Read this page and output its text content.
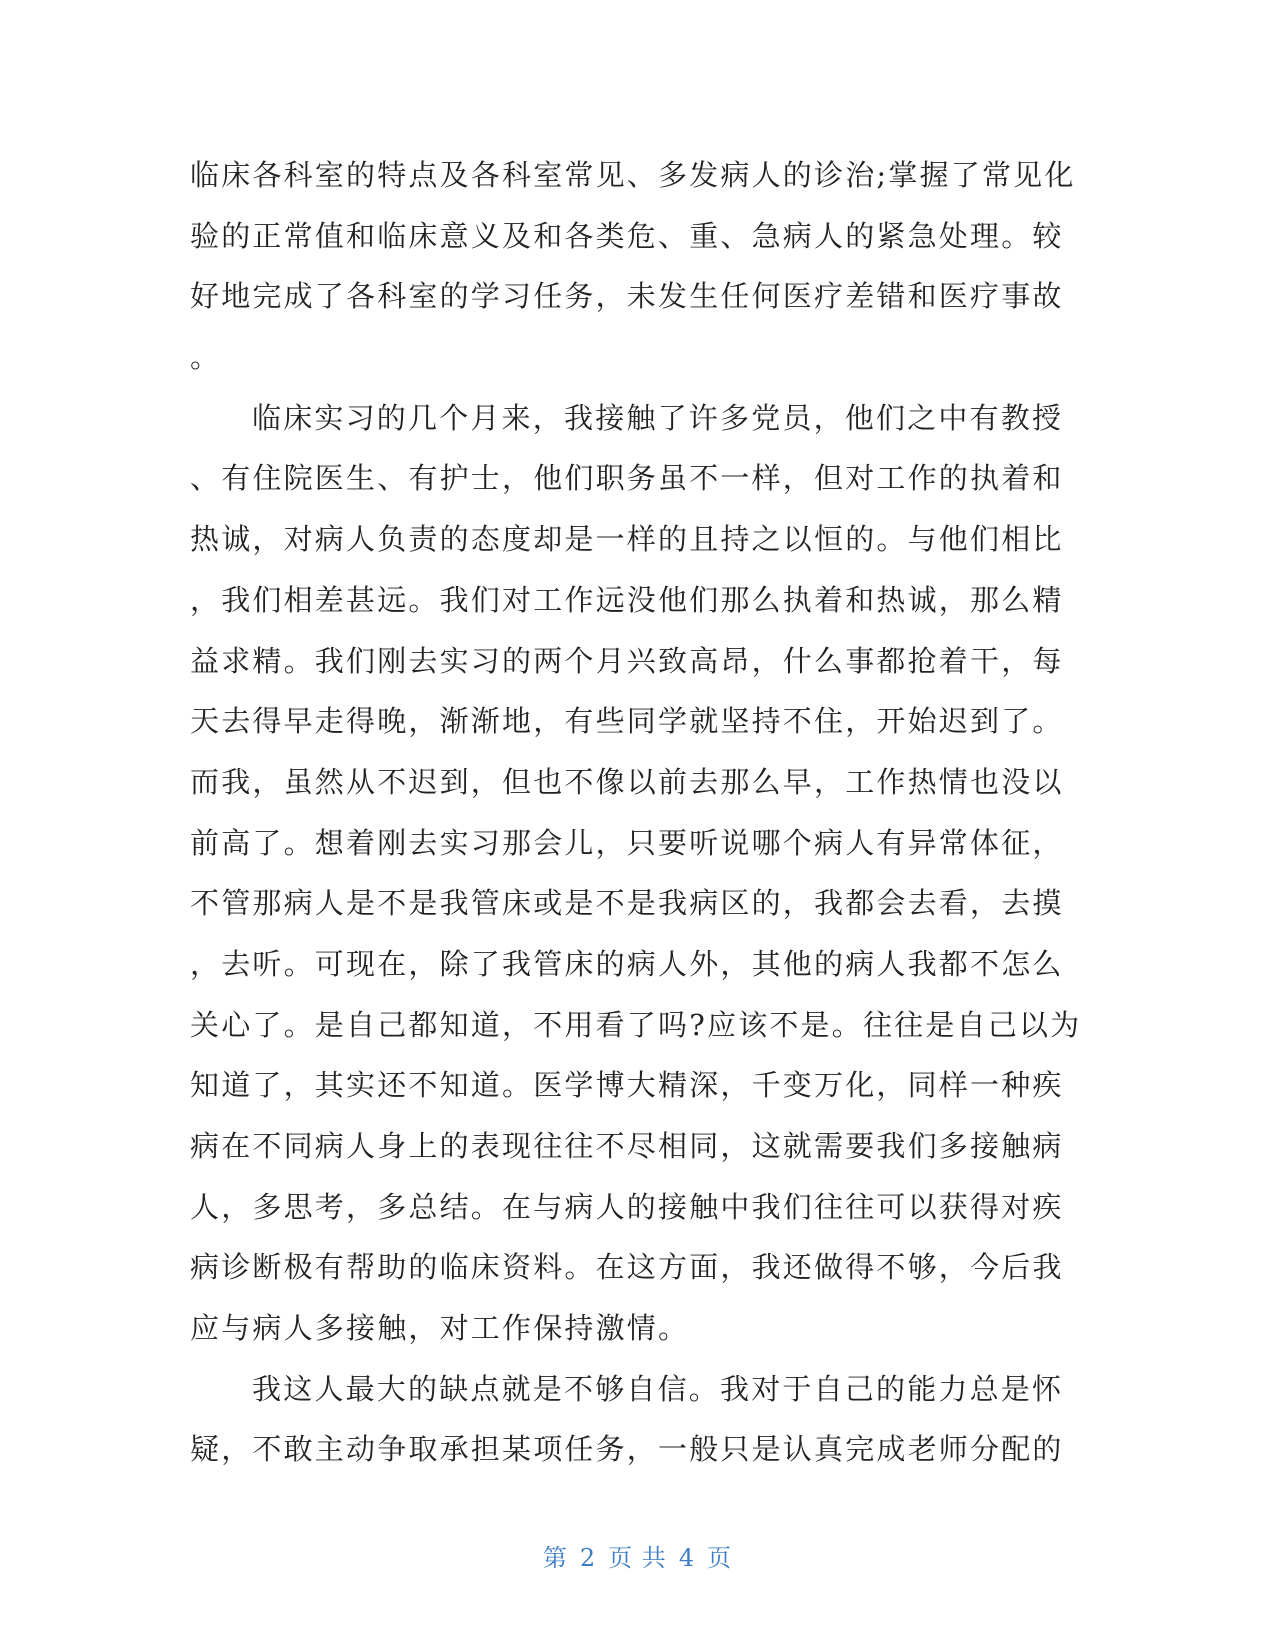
临床各科室的特点及各科室常见、多发病人的诊治;掌握了常见化
验的正常值和临床意义及和各类危、重、急病人的紧急处理。较
好地完成了各科室的学习任务，未发生任何医疗差错和医疗事故
。
临床实习的几个月来，我接触了许多党员，他们之中有教授
、有住院医生、有护士，他们职务虽不一样，但对工作的执着和
热诚，对病人负责的态度却是一样的且持之以恒的。与他们相比
，我们相差甚远。我们对工作远没他们那么执着和热诚，那么精
益求精。我们刚去实习的两个月兴致高昂，什么事都抢着干，每
天去得早走得晚，渐渐地，有些同学就坚持不住，开始迟到了。
而我，虽然从不迟到，但也不像以前去那么早，工作热情也没以
前高了。想着刚去实习那会儿，只要听说哪个病人有异常体征，
不管那病人是不是我管床或是不是我病区的，我都会去看，去摸
，去听。可现在，除了我管床的病人外，其他的病人我都不怎么
关心了。是自己都知道，不用看了吗?应该不是。往往是自己以为
知道了，其实还不知道。医学博大精深，千变万化，同样一种疾
病在不同病人身上的表现往往不尽相同，这就需要我们多接触病
人，多思考，多总结。在与病人的接触中我们往往可以获得对疾
病诊断极有帮助的临床资料。在这方面，我还做得不够，今后我
应与病人多接触，对工作保持激情。
我这人最大的缺点就是不够自信。我对于自己的能力总是怀
疑，不敢主动争取承担某项任务，一般只是认真完成老师分配的
第 2 页 共 4 页
